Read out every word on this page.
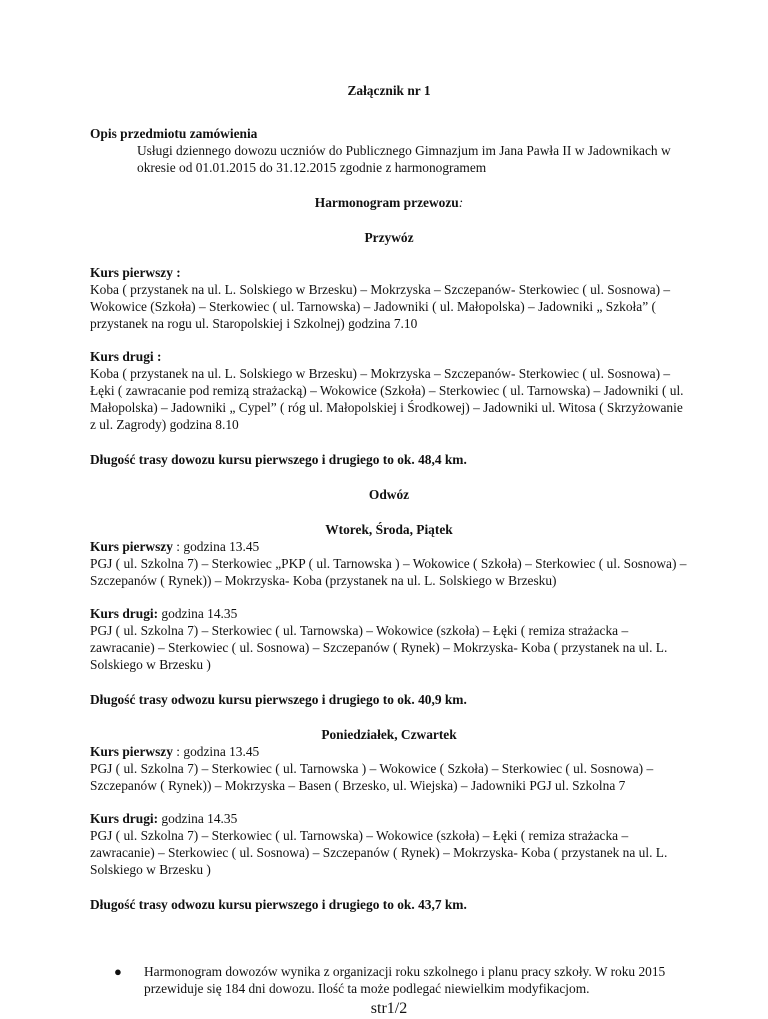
Załącznik nr 1

Opis przedmiotu zamówienia

Usługi dziennego dowozu uczniów do Publicznego Gimnazjum im Jana Pawła II w Jadownikach w okresie od 01.01.2015 do 31.12.2015 zgodnie z harmonogramem

Harmonogram przewozu:

Przywóz

Kurs pierwszy :

Koba ( przystanek na ul. L. Solskiego w Brzesku) – Mokrzyska – Szczepanów- Sterkowiec ( ul. Sosnowa) – Wokowice (Szkoła) – Sterkowiec ( ul. Tarnowska) – Jadowniki ( ul. Małopolska) – Jadowniki „ Szkoła” ( przystanek na rogu ul. Staropolskiej i Szkolnej) godzina 7.10

Kurs drugi :

Koba ( przystanek na ul. L. Solskiego w Brzesku) – Mokrzyska – Szczepanów- Sterkowiec ( ul. Sosnowa) – Łęki ( zawracanie pod remizą strażacką) – Wokowice (Szkoła) – Sterkowiec ( ul. Tarnowska) – Jadowniki ( ul. Małopolska) – Jadowniki „ Cypel” ( róg ul. Małopolskiej i Środkowej) – Jadowniki ul. Witosa ( Skrzyżowanie z ul. Zagrody) godzina 8.10

Długość trasy dowozu kursu pierwszego i drugiego to ok. 48,4 km.

Odwóz

Wtorek, Środa, Piątek

Kurs pierwszy : godzina 13.45

PGJ ( ul. Szkolna 7) – Sterkowiec „PKP ( ul. Tarnowska ) – Wokowice ( Szkoła) – Sterkowiec ( ul. Sosnowa) – Szczepanów ( Rynek)) – Mokrzyska- Koba (przystanek na ul. L. Solskiego w Brzesku)

Kurs drugi: godzina 14.35

PGJ ( ul. Szkolna 7) – Sterkowiec ( ul. Tarnowska) – Wokowice (szkoła) – Łęki ( remiza strażacka – zawracanie) – Sterkowiec ( ul. Sosnowa) – Szczepanów ( Rynek) – Mokrzyska- Koba ( przystanek na ul. L. Solskiego w Brzesku )

Długość trasy odwozu kursu pierwszego i drugiego to ok. 40,9 km.

Poniedziałek, Czwartek

Kurs pierwszy : godzina 13.45

PGJ ( ul. Szkolna 7) – Sterkowiec ( ul. Tarnowska ) – Wokowice ( Szkoła) – Sterkowiec ( ul. Sosnowa) – Szczepanów ( Rynek)) – Mokrzyska – Basen ( Brzesko, ul. Wiejska) – Jadowniki PGJ ul. Szkolna 7

Kurs drugi: godzina 14.35

PGJ ( ul. Szkolna 7) – Sterkowiec ( ul. Tarnowska) – Wokowice (szkoła) – Łęki ( remiza strażacka – zawracanie) – Sterkowiec ( ul. Sosnowa) – Szczepanów ( Rynek) – Mokrzyska- Koba ( przystanek na ul. L. Solskiego w Brzesku )

Długość trasy odwozu kursu pierwszego i drugiego to ok. 43,7 km.

●	Harmonogram dowozów wynika z organizacji roku szkolnego i planu pracy szkoły. W roku 2015 przewiduje się 184 dni dowozu. Ilość ta może podlegać niewielkim modyfikacjom.

str1/2
